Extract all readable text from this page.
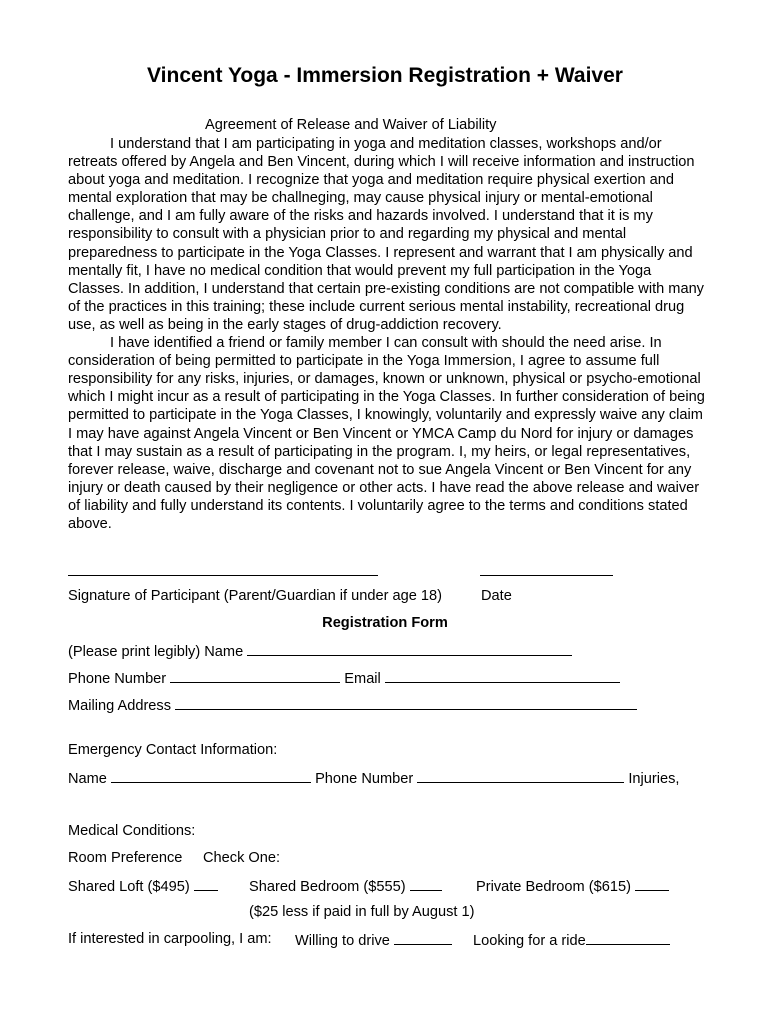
Vincent Yoga - Immersion Registration + Waiver
Agreement of Release and Waiver of Liability

I understand that I am participating in yoga and meditation classes, workshops and/or retreats offered by Angela and Ben Vincent, during which I will receive information and instruction about yoga and meditation. I recognize that yoga and meditation require physical exertion and mental exploration that may be challneging, may cause physical injury or mental-emotional challenge, and I am fully aware of the risks and hazards involved. I understand that it is my responsibility to consult with a physician prior to and regarding my physical and mental preparedness to participate in the Yoga Classes. I represent and warrant that I am physically and mentally fit, I have no medical condition that would prevent my full participation in the Yoga Classes. In addition, I understand that certain pre-existing conditions are not compatible with many of the practices in this training; these include current serious mental instability, recreational drug use, as well as being in the early stages of drug-addiction recovery.

I have identified a friend or family member I can consult with should the need arise. In consideration of being permitted to participate in the Yoga Immersion, I agree to assume full responsibility for any risks, injuries, or damages, known or unknown, physical or psycho-emotional which I might incur as a result of participating in the Yoga Classes. In further consideration of being permitted to participate in the Yoga Classes, I knowingly, voluntarily and expressly waive any claim I may have against Angela Vincent or Ben Vincent or YMCA Camp du Nord for injury or damages that I may sustain as a result of participating in the program. I, my heirs, or legal representatives, forever release, waive, discharge and covenant not to sue Angela Vincent or Ben Vincent for any injury or death caused by their negligence or other acts. I have read the above release and waiver of liability and fully understand its contents. I voluntarily agree to the terms and conditions stated above.

Signature of Participant (Parent/Guardian if under age 18)	Date
Registration Form
(Please print legibly) Name
Phone Number	Email
Mailing Address
Emergency Contact Information:
Name	Phone Number	Injuries,
Medical Conditions:
Room Preference Check One:
Shared Loft ($495)	Shared Bedroom ($555)	Private Bedroom ($615)
($25 less if paid in full by August 1)
If interested in carpooling, I am: Willing to drive	Looking for a ride
